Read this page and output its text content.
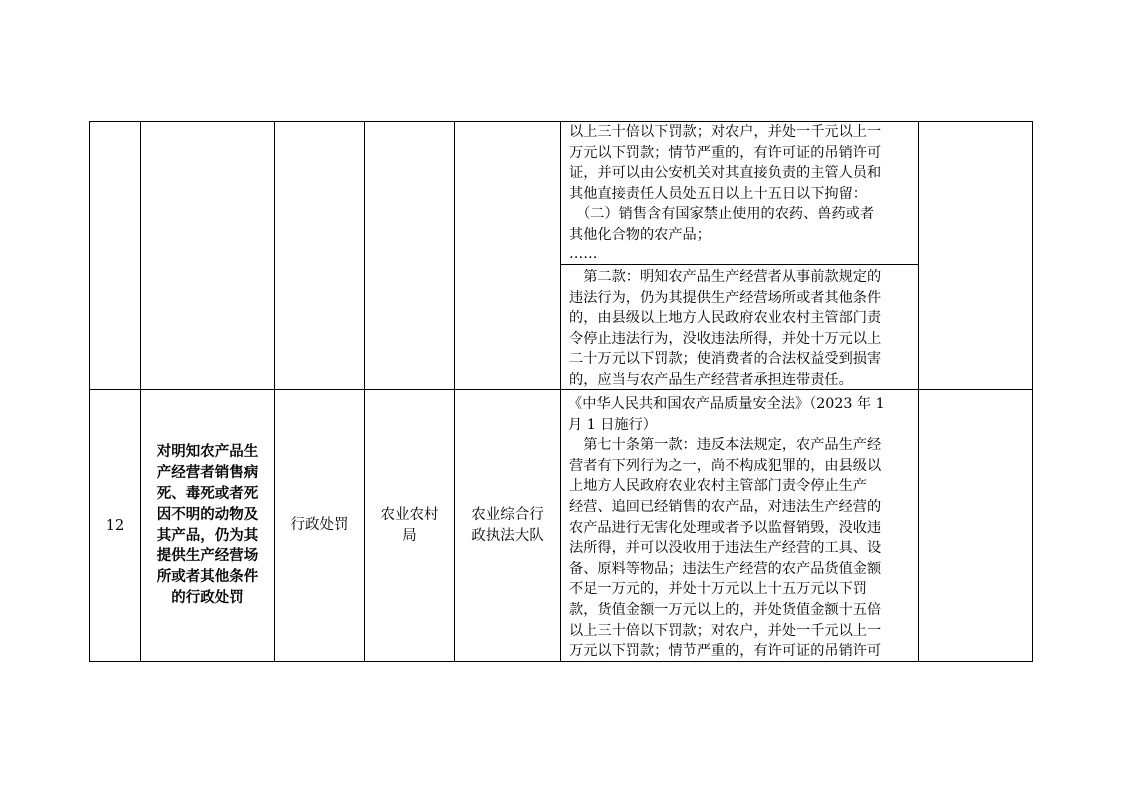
以上三十倍以下罚款；对农户，并处一千元以上一
万元以下罚款；情节严重的，有许可证的吊销许可
证，并可以由公安机关对其直接负责的主管人员和
其他直接责任人员处五日以上十五日以下拘留：
　（二）销售含有国家禁止使用的农药、兽药或者
其他化合物的农产品；
……
　第二款：明知农产品生产经营者从事前款规定的
违法行为，仍为其提供生产经营场所或者其他条件
的，由县级以上地方人民政府农业农村主管部门责
令停止违法行为，没收违法所得，并处十万元以上
二十万元以下罚款；使消费者的合法权益受到损害
的，应当与农产品生产经营者承担连带责任。
12
对明知农产品生
产经营者销售病
死、毒死或者死
因不明的动物及
其产品，仍为其
提供生产经营场
所或者其他条件
的行政处罚
行政处罚
农业农村
局
农业综合行
政执法大队
《中华人民共和国农产品质量安全法》（2023 年 1
月 1 日施行）
　第七十条第一款：违反本法规定，农产品生产经
营者有下列行为之一，尚不构成犯罪的，由县级以
上地方人民政府农业农村主管部门责令停止生产
经营、追回已经销售的农产品，对违法生产经营的
农产品进行无害化处理或者予以监督销毁，没收违
法所得，并可以没收用于违法生产经营的工具、设
备、原料等物品；违法生产经营的农产品货值金额
不足一万元的，并处十万元以上十五万元以下罚
款，货值金额一万元以上的，并处货值金额十五倍
以上三十倍以下罚款；对农户，并处一千元以上一
万元以下罚款；情节严重的，有许可证的吊销许可
